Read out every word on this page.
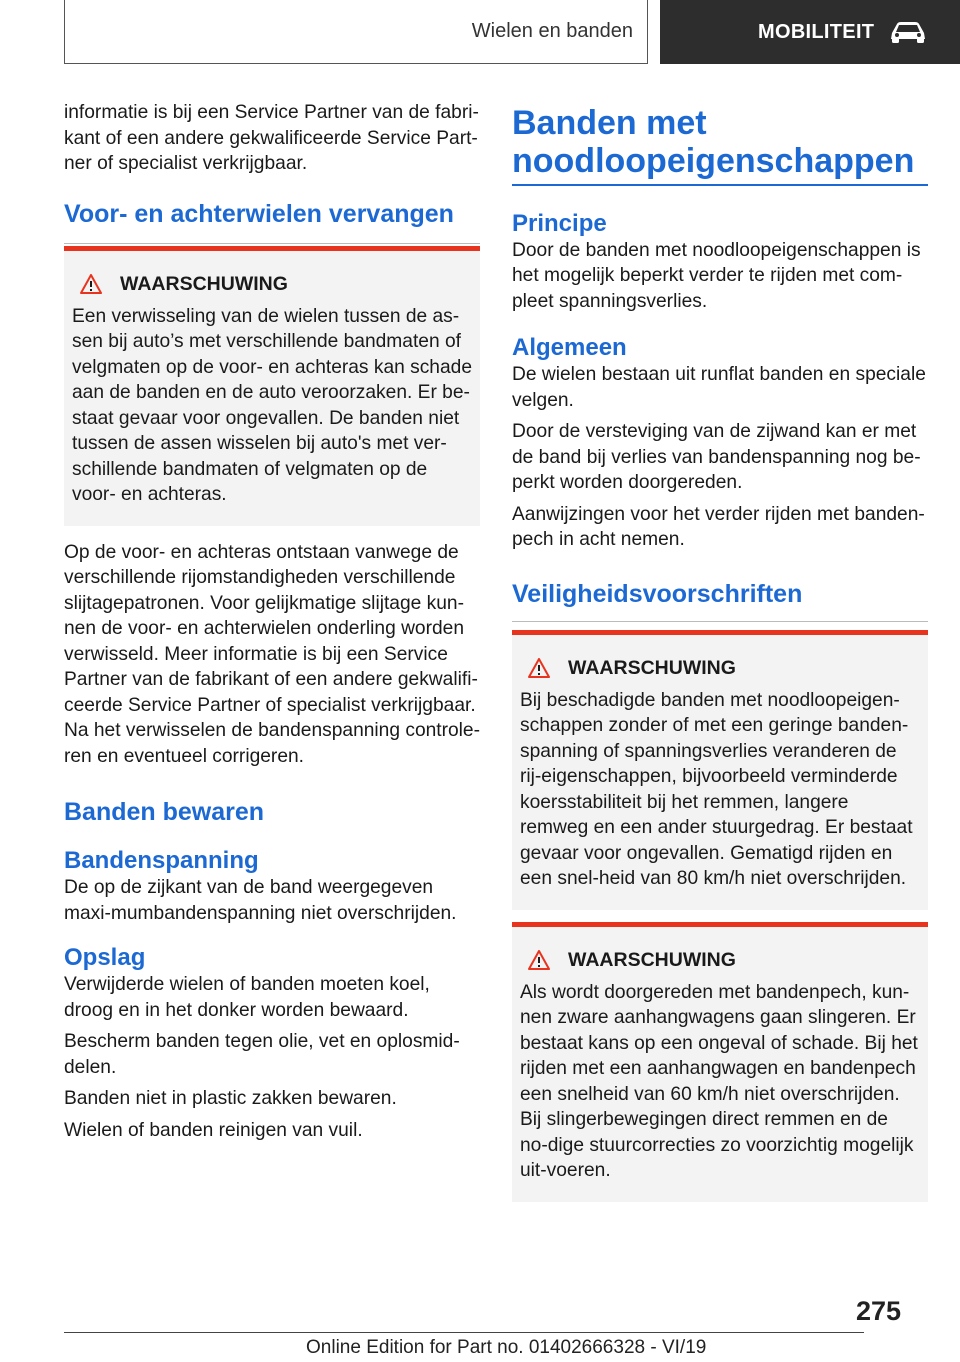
Wielen en banden	MOBILITEIT

informatie is bij een Service Partner van de fabri-kant of een andere gekwalificeerde Service Part-ner of specialist verkrijgbaar.

Voor- en achterwielen vervangen
WAARSCHUWING

Een verwisseling van de wielen tussen de as-sen bij auto’s met verschillende bandmaten of velgmaten op de voor- en achteras kan schade aan de banden en de auto veroorzaken. Er be-staat gevaar voor ongevallen. De banden niet tussen de assen wisselen bij auto's met ver-schillende bandmaten of velgmaten op de voor- en achteras.

Op de voor- en achteras ontstaan vanwege de verschillende rijomstandigheden verschillende slijtagepatronen. Voor gelijkmatige slijtage kun-nen de voor- en achterwielen onderling worden verwisseld. Meer informatie is bij een Service Partner van de fabrikant of een andere gekwalifi-ceerde Service Partner of specialist verkrijgbaar. Na het verwisselen de bandenspanning controle-ren en eventueel corrigeren.

Banden bewaren
Bandenspanning

De op de zijkant van de band weergegeven maxi-mumbandenspanning niet overschrijden.

Opslag

Verwijderde wielen of banden moeten koel, droog en in het donker worden bewaard.

Bescherm banden tegen olie, vet en oplosmid-delen.

Banden niet in plastic zakken bewaren.

Wielen of banden reinigen van vuil.

Banden met noodloopeigenschappen
Principe

Door de banden met noodloopeigenschappen is het mogelijk beperkt verder te rijden met com-pleet spanningsverlies.

Algemeen

De wielen bestaan uit runflat banden en speciale velgen.

Door de versteviging van de zijwand kan er met de band bij verlies van bandenspanning nog be-perkt worden doorgereden.

Aanwijzingen voor het verder rijden met banden-pech in acht nemen.

Veiligheidsvoorschriften
WAARSCHUWING

Bij beschadigde banden met noodloopeigen-schappen zonder of met een geringe banden-spanning of spanningsverlies veranderen de rij-eigenschappen, bijvoorbeeld verminderde koersstabiliteit bij het remmen, langere remweg en een ander stuurgedrag. Er bestaat gevaar voor ongevallen. Gematigd rijden en een snel-heid van 80 km/h niet overschrijden.

WAARSCHUWING

Als wordt doorgereden met bandenpech, kun-nen zware aanhangwagens gaan slingeren. Er bestaat kans op een ongeval of schade. Bij het rijden met een aanhangwagen en bandenpech een snelheid van 60 km/h niet overschrijden. Bij slingerbewegingen direct remmen en de no-dige stuurcorrecties zo voorzichtig mogelijk uit-voeren.

275
Online Edition for Part no. 01402666328 - VI/19
